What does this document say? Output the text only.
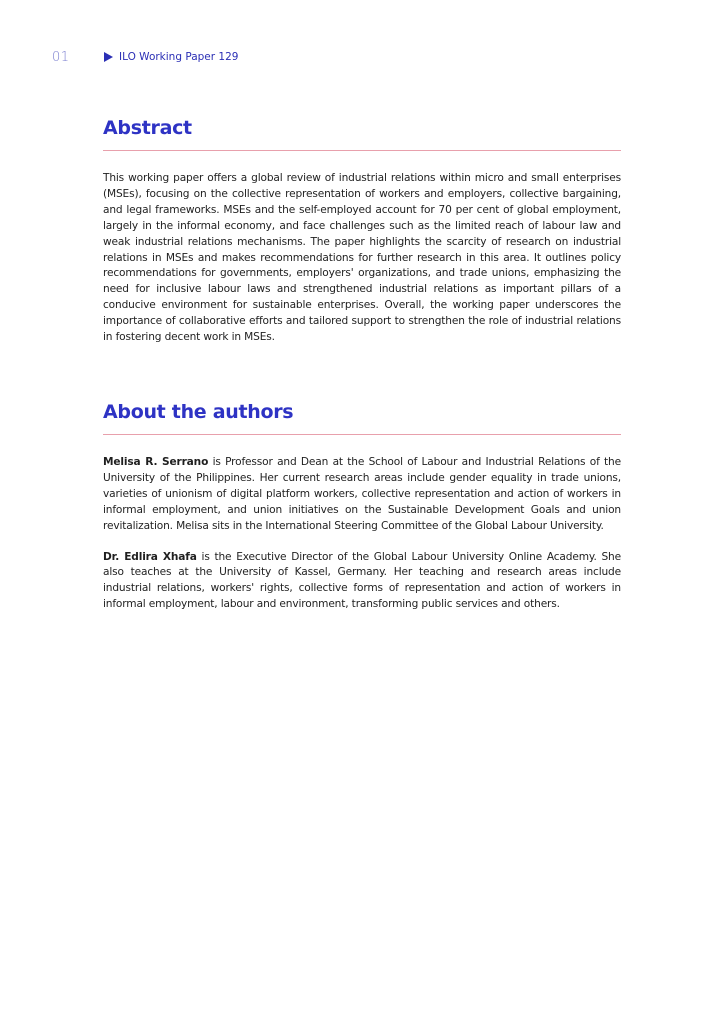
01	ILO Working Paper 129
Abstract

This working paper offers a global review of industrial relations within micro and small enterprises (MSEs), focusing on the collective representation of workers and employers, collective bargaining, and legal frameworks. MSEs and the self-employed account for 70 per cent of global employment, largely in the informal economy, and face challenges such as the limited reach of labour law and weak industrial relations mechanisms. The paper highlights the scarcity of research on industrial relations in MSEs and makes recommendations for further research in this area. It outlines policy recommendations for governments, employers' organizations, and trade unions, emphasizing the need for inclusive labour laws and strengthened industrial relations as important pillars of a conducive environment for sustainable enterprises. Overall, the working paper underscores the importance of collaborative efforts and tailored support to strengthen the role of industrial relations in fostering decent work in MSEs.

About the authors

Melisa R. Serrano is Professor and Dean at the School of Labour and Industrial Relations of the University of the Philippines. Her current research areas include gender equality in trade unions, varieties of unionism of digital platform workers, collective representation and action of workers in informal employment, and union initiatives on the Sustainable Development Goals and union revitalization. Melisa sits in the International Steering Committee of the Global Labour University.

Dr. Edlira Xhafa is the Executive Director of the Global Labour University Online Academy. She also teaches at the University of Kassel, Germany. Her teaching and research areas include industrial relations, workers' rights, collective forms of representation and action of workers in informal employment, labour and environment, transforming public services and others.
